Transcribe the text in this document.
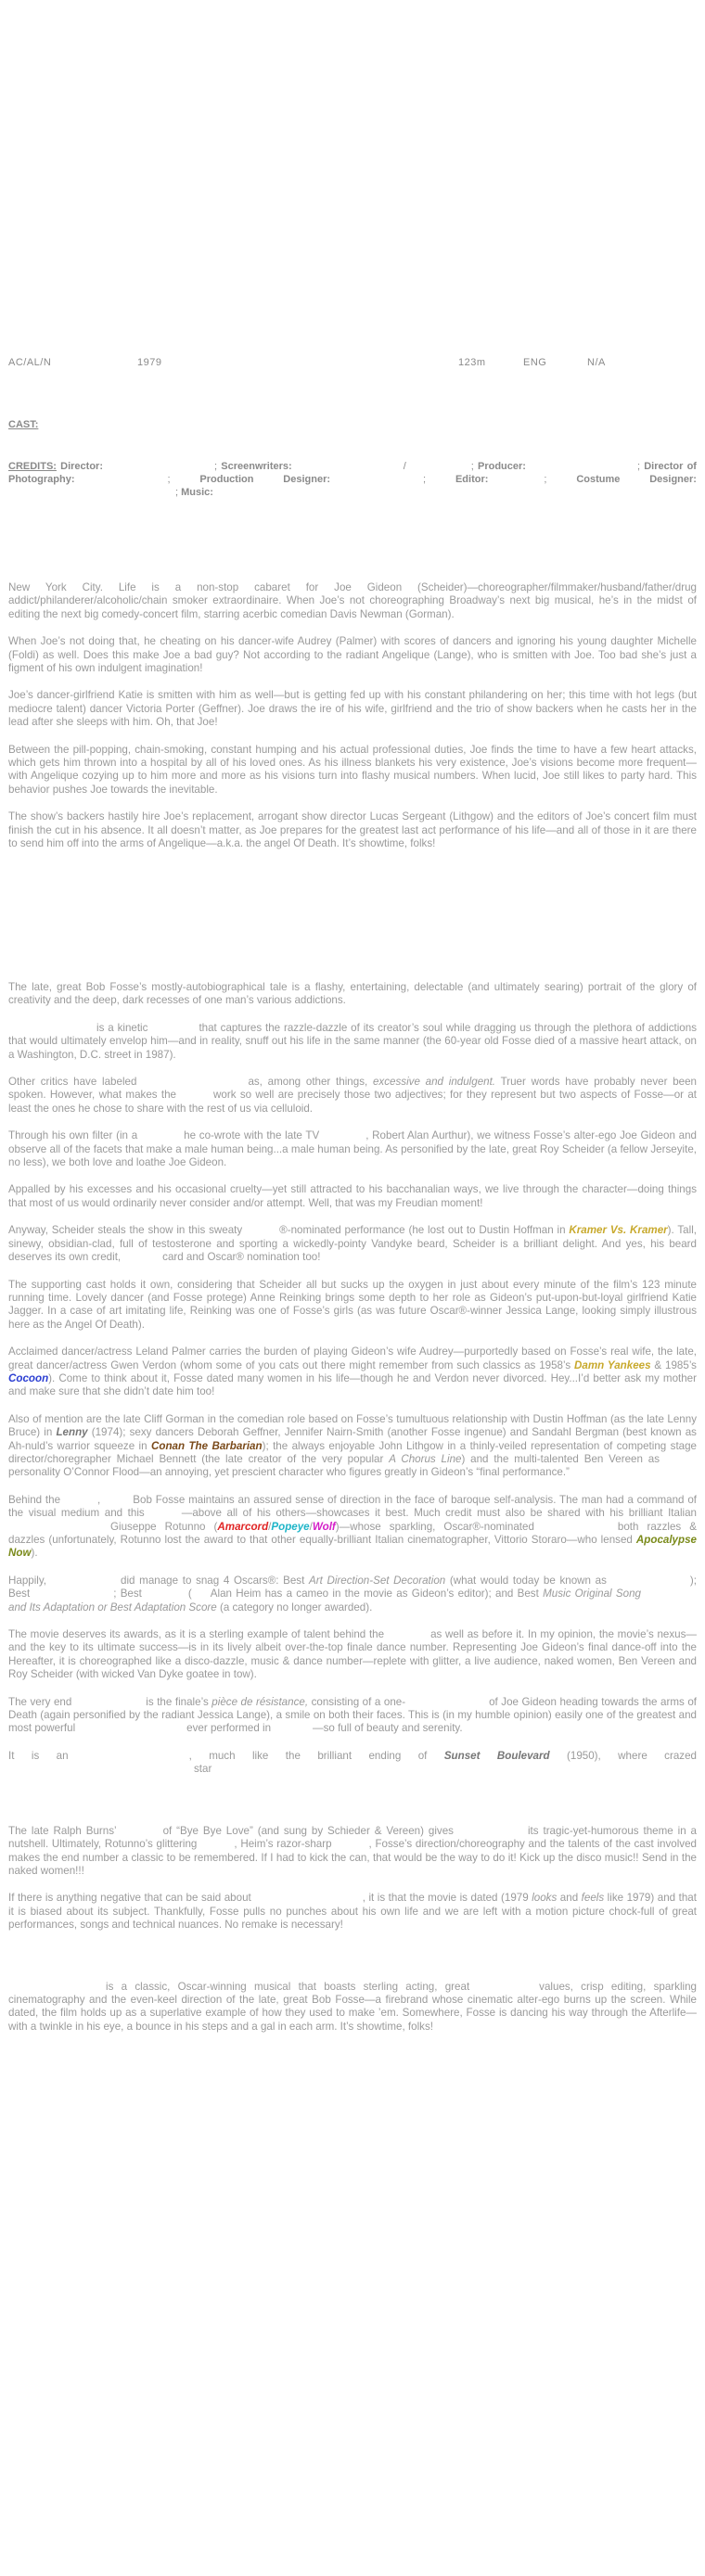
AC/AL/N	1979	123m	ENG	N/A
CAST:
CREDITS: Director:	; Screenwriters:	/	; Producer:	; Director of Photography:	; Production Designer:	; Editor:	; Costume Designer:; Music:

New York City. Life is a non-stop cabaret for Joe Gideon (Scheider)—choreographer/filmmaker/husband/father/drug addict/philanderer/alcoholic/chain smoker extraordinaire. When Joe’s not choreographing Broadway’s next big musical, he’s in the midst of editing the next big comedy-concert film, starring acerbic comedian Davis Newman (Gorman).

When Joe’s not doing that, he cheating on his dancer-wife Audrey (Palmer) with scores of dancers and ignoring his young daughter Michelle (Foldi) as well. Does this make Joe a bad guy? Not according to the radiant Angelique (Lange), who is smitten with Joe. Too bad she’s just a figment of his own indulgent imagination!

Joe’s dancer-girlfriend Katie is smitten with him as well—but is getting fed up with his constant philandering on her; this time with hot legs (but mediocre talent) dancer Victoria Porter (Geffner). Joe draws the ire of his wife, girlfriend and the trio of show backers when he casts her in the lead after she sleeps with him. Oh, that Joe!

Between the pill-popping, chain-smoking, constant humping and his actual professional duties, Joe finds the time to have a few heart attacks, which gets him thrown into a hospital by all of his loved ones. As his illness blankets his very existence, Joe’s visions become more frequent—with Angelique cozying up to him more and more as his visions turn into flashy musical numbers. When lucid, Joe still likes to party hard. This behavior pushes Joe towards the inevitable.

The show’s backers hastily hire Joe’s replacement, arrogant show director Lucas Sergeant (Lithgow) and the editors of Joe’s concert film must finish the cut in his absence. It all doesn’t matter, as Joe prepares for the greatest last act performance of his life—and all of those in it are there to send him off into the arms of Angelique—a.k.a. the angel Of Death. It’s showtime, folks!

The late, great Bob Fosse’s mostly-autobiographical tale is a flashy, entertaining, delectable (and ultimately searing) portrait of the glory of creativity and the deep, dark recesses of one man’s various addictions.

is a kinetic	that captures the razzle-dazzle of its creator’s soul while dragging us through the plethora of addictions that would ultimately envelop him—and in reality, snuff out his life in the same manner (the 60-year old Fosse died of a massive heart attack, on a Washington, D.C. street in 1987).

Other critics have labeled	as, among other things, excessive and indulgent. Truer words have probably never been spoken. However, what makes the	work so well are precisely those two adjectives; for they represent but two aspects of Fosse—or at least the ones he chose to share with the rest of us via celluloid.

Through his own filter (in a	he co-wrote with the late TV	, Robert Alan Aurthur), we witness Fosse’s alter-ego Joe Gideon and observe all of the facets that make a male human being...a male human being. As personified by the late, great Roy Scheider (a fellow Jerseyite, no less), we both love and loathe Joe Gideon.

Appalled by his excesses and his occasional cruelty—yet still attracted to his bacchanalian ways, we live through the character—doing things that most of us would ordinarily never consider and/or attempt. Well, that was my Freudian moment!

Anyway, Scheider steals the show in this sweaty	®-nominated performance (he lost out to Dustin Hoffman in Kramer Vs. Kramer). Tall, sinewy, obsidian-clad, full of testosterone and sporting a wickedly-pointy Vandyke beard, Scheider is a brilliant delight. And yes, his beard deserves its own credit,	card and Oscar® nomination too!

The supporting cast holds it own, considering that Scheider all but sucks up the oxygen in just about every minute of the film’s 123 minute running time. Lovely dancer (and Fosse protege) Anne Reinking brings some depth to her role as Gideon’s put-upon-but-loyal girlfriend Katie Jagger. In a case of art imitating life, Reinking was one of Fosse’s girls (as was future Oscar®-winner Jessica Lange, looking simply illustrous here as the Angel Of Death).

Acclaimed dancer/actress Leland Palmer carries the burden of playing Gideon’s wife Audrey—purportedly based on Fosse’s real wife, the late, great dancer/actress Gwen Verdon (whom some of you cats out there might remember from such classics as 1958’s Damn Yankees & 1985’s Cocoon). Come to think about it, Fosse dated many women in his life—though he and Verdon never divorced. Hey...I’d better ask my mother and make sure that she didn’t date him too!

Also of mention are the late Cliff Gorman in the comedian role based on Fosse’s tumultuous relationship with Dustin Hoffman (as the late Lenny Bruce) in Lenny (1974); sexy dancers Deborah Geffner, Jennifer Nairn-Smith (another Fosse ingenue) and Sandahl Bergman (best known as Ah-nuld’s warrior squeeze in Conan The Barbarian); the always enjoyable John Lithgow in a thinly-veiled representation of competing stage director/choregrapher Michael Bennett (the late creator of the very popular A Chorus Line) and the multi-talented Ben Vereen aspersonality O’Connor Flood—an annoying, yet prescient character who figures greatly in Gideon’s “final performance.”

Behind the	,	Bob Fosse maintains an assured sense of direction in the face of baroque self-analysis. The man had a command of the visual medium and this	—above all of his others—showcases it best. Much credit must also be shared with his brilliant ItalianGiuseppe Rotunno (Amarcord/Popeye/Wolf)—whose sparkling, Oscar®-nominated	both razzles & dazzles (unfortunately, Rotunno lost the award to that other equally-brilliant Italian cinematographer, Vittorio Storaro—who lensed Apocalypse Now).

Happily,	did manage to snag 4 Oscars®: Best Art Direction-Set Decoration (what would today be known as	); Best	; Best	( Alan Heim has a cameo in the movie as Gideon’s editor); and Best Music Original Songand Its Adaptation or Best Adaptation Score (a category no longer awarded).

The movie deserves its awards, as it is a sterling example of talent behind the	as well as before it. In my opinion, the movie’s nexus—and the key to its ultimate success—is in its lively albeit over-the-top finale dance number. Representing Joe Gideon’s final dance-off into the Hereafter, it is choreographed like a disco-dazzle, music & dance number—replete with glitter, a live audience, naked women, Ben Vereen and Roy Scheider (with wicked Van Dyke goatee in tow).

The very end	is the finale’s pièce de résistance, consisting of a one-	of Joe Gideon heading towards the arms of Death (again personified by the radiant Jessica Lange), a smile on both their faces. This is (in my humble opinion) easily one of the greatest and most powerful	ever performed in	—so full of beauty and serenity.

It is an	, much like the brilliant ending of Sunset Boulevard (1950), where crazedstar

The late Ralph Burns’	of “Bye Bye Love” (and sung by Schieder & Vereen) gives	its tragic-yet-humorous theme in a nutshell. Ultimately, Rotunno’s glittering	, Heim’s razor-sharp	, Fosse’s direction/choreography and the talents of the cast involved makes the end number a classic to be remembered. If I had to kick the can, that would be the way to do it! Kick up the disco music!! Send in the naked women!!!

If there is anything negative that can be said about	, it is that the movie is dated (1979 looks and feels like 1979) and that it is biased about its subject. Thankfully, Fosse pulls no punches about his own life and we are left with a motion picture chock-full of great performances, songs and technical nuances. No remake is necessary!

is a classic, Oscar-winning musical that boasts sterling acting, great	values, crisp editing, sparkling cinematography and the even-keel direction of the late, great Bob Fosse—a firebrand whose cinematic alter-ego burns up the screen. While dated, the film holds up as a superlative example of how they used to make ’em. Somewhere, Fosse is dancing his way through the Afterlife—with a twinkle in his eye, a bounce in his steps and a gal in each arm. It’s showtime, folks!
